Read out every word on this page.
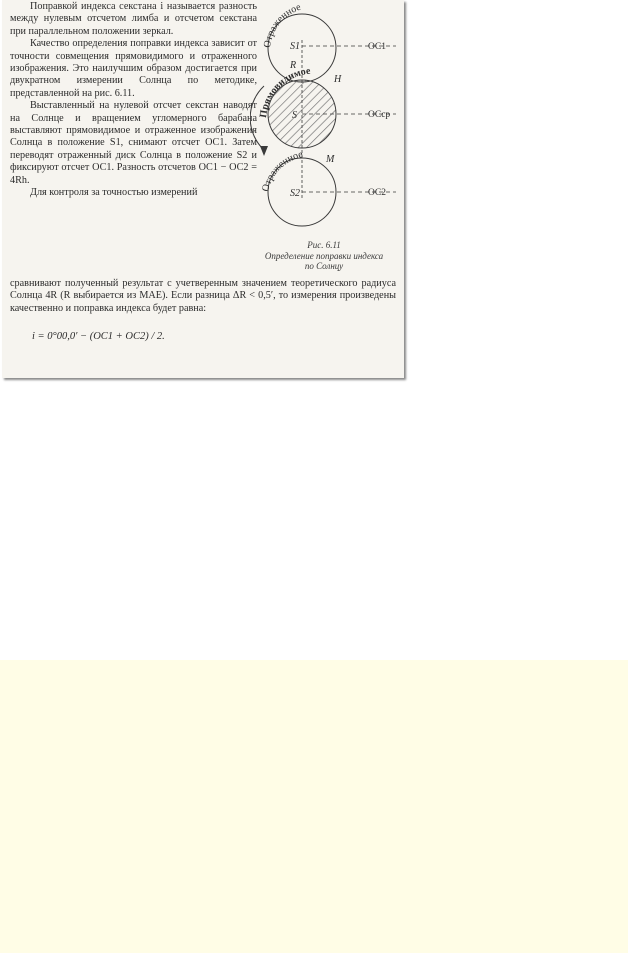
Поправкой индекса секстана i называется разность между нулевым отсчетом лимба и отсчетом секстана при параллельном положении зеркал.

Качество определения поправки индекса зависит от точности совмещения прямовидимого и отраженного изображения. Это наилучшим образом достигается при двукратном измерении Солнца по методике, представленной на рис. 6.11.

Выставленный на нулевой отсчет секстан наводят на Солнце и вращением угломерного барабана выставляют прямовидимое и отраженное изображения Солнца в положение S1, снимают отсчет ОС1. Затем переводят отраженный диск Солнца в положение S2 и фиксируют отсчет ОС1. Разность отсчетов ОС1 − ОС2 = 4Rh.

Для контроля за точностью измерений

сравнивают полученный результат с учетверенным значением теоретического радиуса Солнца 4R (R выбирается из МАЕ). Если разница ΔR < 0,5′, то измерения произведены качественно и поправка индекса будет равна:

i = 0°00,0′ − (ОС1 + ОС2) / 2.
Отраженное
Прямовидимое
Отраженное
S1
R
H
S
M
S2
OC1
OCср
OC2
Рис. 6.11
Определение поправки индекса по Солнцу
